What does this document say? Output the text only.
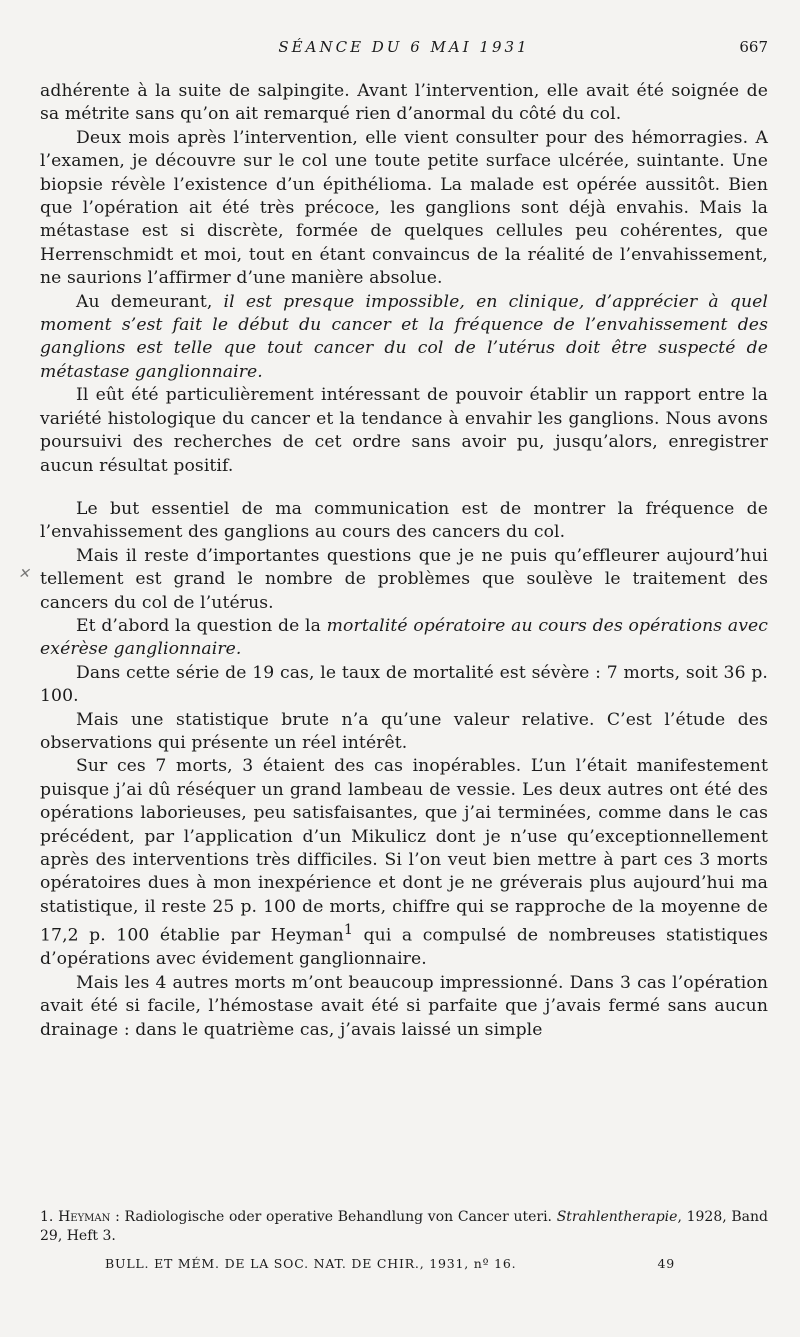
SÉANCE DU 6 MAI 1931	667
✕

adhérente à la suite de salpingite. Avant l’intervention, elle avait été soignée de sa métrite sans qu’on ait remarqué rien d’anormal du côté du col.

Deux mois après l’intervention, elle vient consulter pour des hémorragies. A l’examen, je découvre sur le col une toute petite surface ulcérée, suintante. Une biopsie révèle l’existence d’un épithélioma. La malade est opérée aussitôt. Bien que l’opération ait été très précoce, les ganglions sont déjà envahis. Mais la métastase est si discrète, formée de quelques cellules peu cohérentes, que Herrenschmidt et moi, tout en étant convaincus de la réalité de l’envahissement, ne saurions l’affirmer d’une manière absolue.

Au demeurant, il est presque impossible, en clinique, d’apprécier à quel moment s’est fait le début du cancer et la fréquence de l’envahissement des ganglions est telle que tout cancer du col de l’utérus doit être suspecté de métastase ganglionnaire.

Il eût été particulièrement intéressant de pouvoir établir un rapport entre la variété histologique du cancer et la tendance à envahir les ganglions. Nous avons poursuivi des recherches de cet ordre sans avoir pu, jusqu’alors, enregistrer aucun résultat positif.

Le but essentiel de ma communication est de montrer la fréquence de l’envahissement des ganglions au cours des cancers du col.

Mais il reste d’importantes questions que je ne puis qu’effleurer aujourd’hui tellement est grand le nombre de problèmes que soulève le traitement des cancers du col de l’utérus.

Et d’abord la question de la mortalité opératoire au cours des opérations avec exérèse ganglionnaire.

Dans cette série de 19 cas, le taux de mortalité est sévère : 7 morts, soit 36 p. 100.

Mais une statistique brute n’a qu’une valeur relative. C’est l’étude des observations qui présente un réel intérêt.

Sur ces 7 morts, 3 étaient des cas inopérables. L’un l’était manifestement puisque j’ai dû réséquer un grand lambeau de vessie. Les deux autres ont été des opérations laborieuses, peu satisfaisantes, que j’ai terminées, comme dans le cas précédent, par l’application d’un Mikulicz dont je n’use qu’exceptionnellement après des interventions très difficiles. Si l’on veut bien mettre à part ces 3 morts opératoires dues à mon inexpérience et dont je ne gréverais plus aujourd’hui ma statistique, il reste 25 p. 100 de morts, chiffre qui se rapproche de la moyenne de 17,2 p. 100 établie par Heyman$^1$ qui a compulsé de nombreuses statistiques d’opérations avec évidement ganglionnaire.

Mais les 4 autres morts m’ont beaucoup impressionné. Dans 3 cas l’opération avait été si facile, l’hémostase avait été si parfaite que j’avais fermé sans aucun drainage : dans le quatrième cas, j’avais laissé un simple

1. Heyman : Radiologische oder operative Behandlung von Cancer uteri. Strahlentherapie, 1928, Band 29, Heft 3.
BULL. ET MÉM. DE LA SOC. NAT. DE CHIR., 1931, nº 16.	49
